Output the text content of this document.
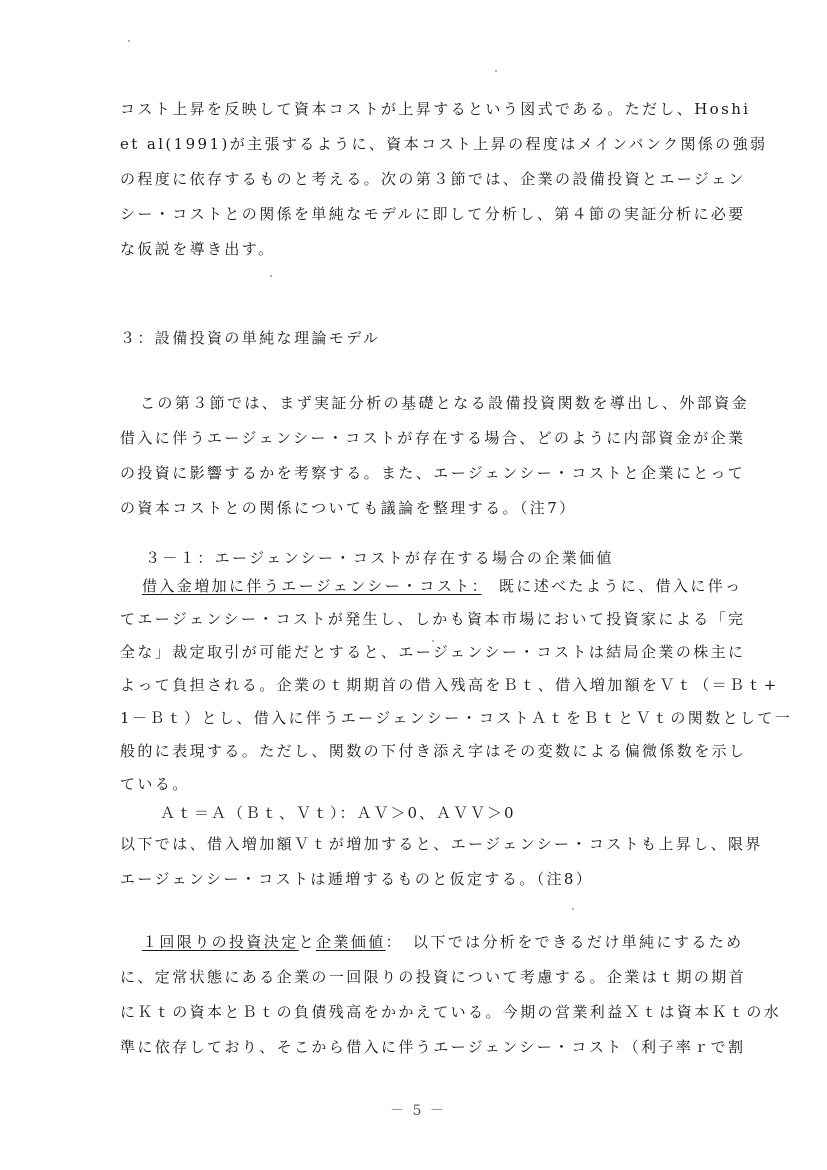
コスト上昇を反映して資本コストが上昇するという図式である。ただし、Hoshi
et al(1991)が主張するように、資本コスト上昇の程度はメインバンク関係の強弱
の程度に依存するものと考える。次の第３節では、企業の設備投資とエージェン
シー・コストとの関係を単純なモデルに即して分析し、第４節の実証分析に必要
な仮説を導き出す。
３：設備投資の単純な理論モデル
この第３節では、まず実証分析の基礎となる設備投資関数を導出し、外部資金
借入に伴うエージェンシー・コストが存在する場合、どのように内部資金が企業
の投資に影響するかを考察する。また、エージェンシー・コストと企業にとって
の資本コストとの関係についても議論を整理する。（注7）
３－１：エージェンシー・コストが存在する場合の企業価値
借入金増加に伴うエージェンシー・コスト：　既に述べたように、借入に伴っ
てエージェンシー・コストが発生し、しかも資本市場において投資家による「完
全な」裁定取引が可能だとすると、エージェンシー・コストは結局企業の株主に
よって負担される。企業のｔ期期首の借入残高をＢｔ、借入増加額をＶｔ（＝Ｂｔ+
1－Ｂｔ）とし、借入に伴うエージェンシー・コストＡｔをＢｔとＶｔの関数として一
般的に表現する。ただし、関数の下付き添え字はその変数による偏微係数を示し
ている。
Ａｔ＝Ａ（Ｂｔ、Ｖｔ）：ＡＶ＞0、ＡＶＶ＞0
以下では、借入増加額Ｖｔが増加すると、エージェンシー・コストも上昇し、限界
エージェンシー・コストは逓増するものと仮定する。（注8）
１回限りの投資決定と企業価値：　以下では分析をできるだけ単純にするため
に、定常状態にある企業の一回限りの投資について考慮する。企業はｔ期の期首
にＫｔの資本とＢｔの負債残高をかかえている。今期の営業利益Ｘｔは資本Ｋｔの水
準に依存しており、そこから借入に伴うエージェンシー・コスト（利子率ｒで割
－ 5 －
